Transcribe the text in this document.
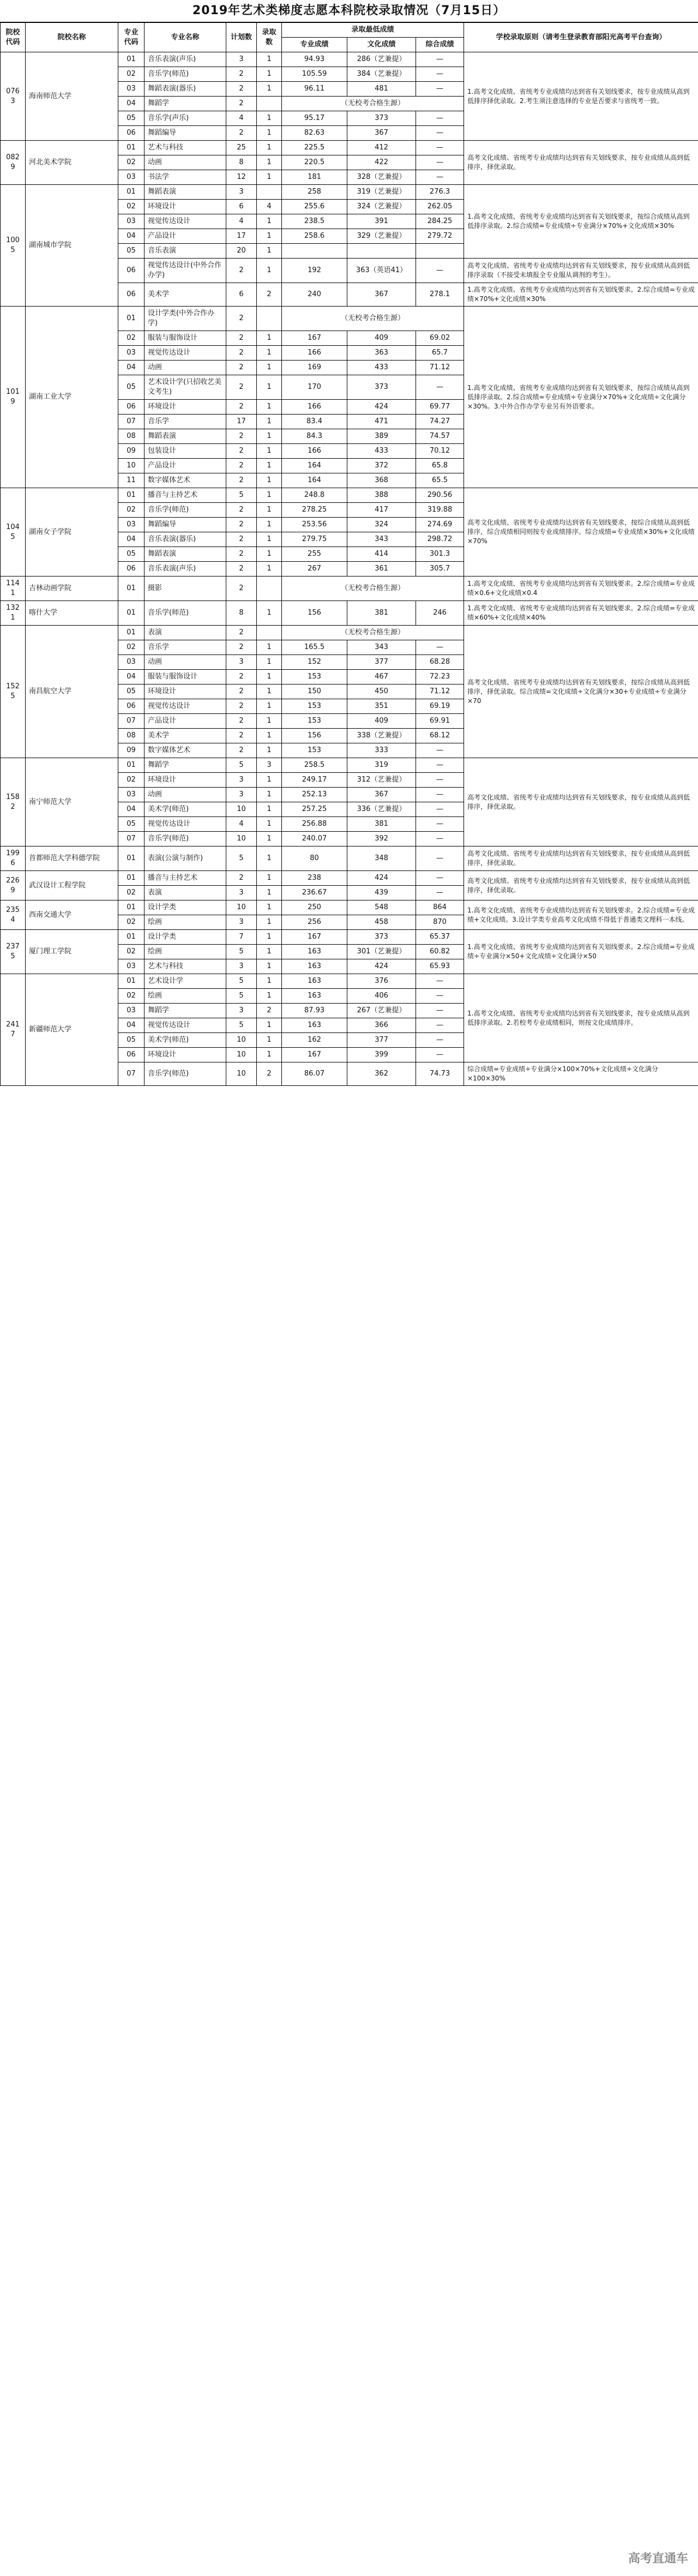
2019年艺术类梯度志愿本科院校录取情况（7月15日）
院校代码	院校名称	专业代码	专业名称	计划数	录取数	录取最低成绩			学校录取原则（请考生登录教育部阳光高考平台查询）
						专业成绩	文化成绩	综合成绩	
0763	海南师范大学	01	音乐表演(声乐)	3	1	94.93	286（艺兼提）	—	1.高考文化成绩、省统考专业成绩均达到省有关划线要求，按专业成绩从高到低排序择优录取。2.考生须注意选择的专业是否要求与省统考一致。
		02	音乐学(师范)	2	1	105.59	384（艺兼提）	—	
		03	舞蹈表演(器乐)	2	1	96.11	481	—	
		04	舞蹈学	2		（无校考合格生源）			
		05	音乐学(声乐)	4	1	95.17	373	—	
		06	舞蹈编导	2	1	82.63	367	—	
0829	河北美术学院	01	艺术与科技	25	1	225.5	412	—	高考文化成绩、省统考专业成绩均达到省有关划线要求，按专业成绩从高到低排序，择优录取。
		02	动画	8	1	220.5	422	—	
		03	书法学	12	1	181	328（艺兼提）	—	
1005	湖南城市学院	01	舞蹈表演	3		258	319（艺兼提）	276.3	1.高考文化成绩、省统考专业成绩均达到省有关划线要求，按综合成绩从高到低排序录取。2.综合成绩=专业成绩÷专业满分×70%+文化成绩×30%
		02	环境设计	6	4	255.6	324（艺兼提）	262.05	
		03	视觉传达设计	4	1	238.5	391	284.25	
		04	产品设计	17	1	258.6	329（艺兼提）	279.72	
		05	音乐表演	20	1				
		06	视觉传达设计(中外合作办学)	2	1	192	363（英语41）	—	高考文化成绩、省统考专业成绩均达到省有关划线要求，按专业成绩从高到低排序录取（不接受未填报全专业服从调剂的考生）。
		06	美术学	6	2	240	367	278.1	1.高考文化成绩、省统考专业成绩均达到省有关划线要求。2.综合成绩=专业成绩×70%+文化成绩×30%
1019	湖南工业大学	01	设计学类(中外合作办学)	2		（无校考合格生源）			1.高考文化成绩、省统考专业成绩均达到省有关划线要求，按综合成绩从高到低排序录取。2.综合成绩=专业成绩÷专业满分×70%+文化成绩÷文化满分×30%。3.中外合作办学专业另有外语要求。
		02	服装与服饰设计	2	1	167	409	69.02	
		03	视觉传达设计	2	1	166	363	65.7	
		04	动画	2	1	169	433	71.12	
		05	艺术设计学(只招收艺美文考生)	2	1	170	373	—	
		06	环境设计	2	1	166	424	69.77	
		07	音乐学	17	1	83.4	471	74.27	
		08	舞蹈表演	2	1	84.3	389	74.57	
		09	包装设计	2	1	166	433	70.12	
		10	产品设计	2	1	164	372	65.8	
		11	数字媒体艺术	2	1	164	368	65.5	
1045	湖南女子学院	01	播音与主持艺术	5	1	248.8	388	290.56	高考文化成绩、省统考专业成绩均达到省有关划线要求，按综合成绩从高到低排序，综合成绩相同则按专业成绩排序。综合成绩=专业成绩×30%+文化成绩×70%
		02	音乐学(师范)	2	1	278.25	417	319.88	
		03	舞蹈编导	2	1	253.56	324	274.69	
		04	音乐表演(器乐)	2	1	279.75	343	298.72	
		05	舞蹈表演	2	1	255	414	301.3	
		06	音乐表演(声乐)	2	1	267	361	305.7	
1141	吉林动画学院	01	摄影	2		（无校考合格生源）			1.高考文化成绩、省统考专业成绩均达到省有关划线要求。2.综合成绩=专业成绩×0.6+文化成绩×0.4
1321	喀什大学	01	音乐学(师范)	8	1	156	381	246	1.高考文化成绩、省统考专业成绩均达到省有关划线要求。2.综合成绩=专业成绩×60%+文化成绩×40%
1525	南昌航空大学	01	表演	2		（无校考合格生源）			高考文化成绩、省统考专业成绩均达到省有关划线要求，按综合成绩从高到低排序，择优录取。综合成绩=文化成绩÷文化满分×30+专业成绩÷专业满分×70
		02	音乐学	2	1	165.5	343	—	
		03	动画	3	1	152	377	68.28	
		04	服装与服饰设计	2	1	153	467	72.23	
		05	环境设计	2	1	150	450	71.12	
		06	视觉传达设计	2	1	153	351	69.19	
		07	产品设计	2	1	153	409	69.91	
		08	美术学	2	1	156	338（艺兼提）	68.12	
		09	数字媒体艺术	2	1	153	333	—	
1582	南宁师范大学	01	舞蹈学	5	3	258.5	319	—	高考文化成绩、省统考专业成绩均达到省有关划线要求，按专业成绩从高到低排序，择优录取。
		02	环境设计	3	1	249.17	312（艺兼提）	—	
		03	动画	3	1	252.13	367	—	
		04	美术学(师范)	10	1	257.25	336（艺兼提）	—	
		05	视觉传达设计	4	1	256.88	381	—	
		07	音乐学(师范)	10	1	240.07	392	—	
1996	首都师范大学科德学院	01	表演(公演与制作)	5	1	80	348	—	高考文化成绩、省统考专业成绩均达到省有关划线要求，按专业成绩从高到低排序，择优录取。
2269	武汉设计工程学院	01	播音与主持艺术	2	1	238	424	—	高考文化成绩、省统考专业成绩均达到省有关划线要求，按专业成绩从高到低排序，择优录取。
		02	表演	3	1	236.67	439	—	
2354	西南交通大学	01	设计学类	10	1	250	548	864	1.高考文化成绩、省统考专业成绩均达到省有关划线要求。2.综合成绩=专业成绩+文化成绩。3.设计学类专业高考文化成绩不得低于普通类文理科一本线。
		02	绘画	3	1	256	458	870	
2375	厦门理工学院	01	设计学类	7	1	167	373	65.37	1.高考文化成绩、省统考专业成绩均达到省有关划线要求。2.综合成绩=专业成绩÷专业满分×50+文化成绩÷文化满分×50
		02	绘画	5	1	163	301（艺兼提）	60.82	
		03	艺术与科技	3	1	163	424	65.93	
2417	新疆师范大学	01	艺术设计学	5	1	163	376	—	1.高考文化成绩、省统考专业成绩均达到省有关划线要求，按专业成绩从高到低排序录取。2.若校考专业成绩相同，则按文化成绩排序。
		02	绘画	5	1	163	406	—	
		03	舞蹈学	3	2	87.93	267（艺兼提）	—	
		04	视觉传达设计	5	1	163	366	—	
		05	美术学(师范)	10	1	162	377	—	
		06	环境设计	10	1	167	399	—	
		07	音乐学(师范)	10	2	86.07	362	74.73	综合成绩=专业成绩÷专业满分×100×70%+文化成绩÷文化满分×100×30%
高考直通车
